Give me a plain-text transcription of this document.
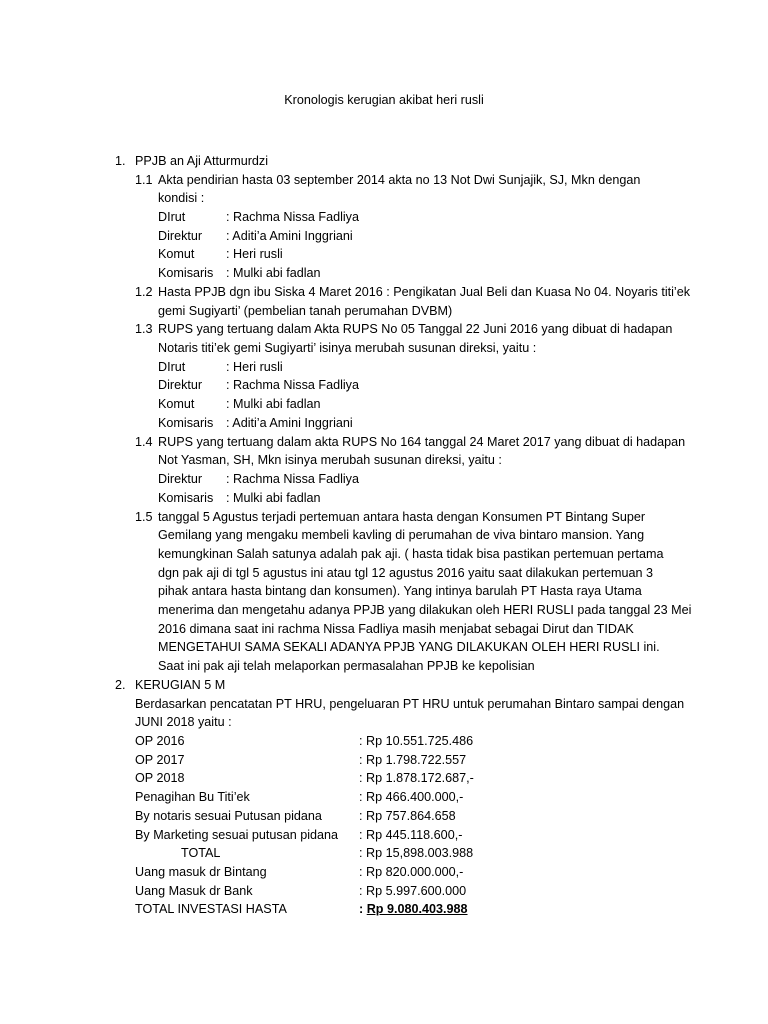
Kronologis kerugian akibat heri rusli
1. PPJB an Aji Atturmurdzi
1.1 Akta pendirian hasta 03 september 2014 akta no 13 Not Dwi Sunjajik, SJ, Mkn dengan
kondisi :
DIrut	: Rachma Nissa Fadliya
Direktur : Aditi’a Amini Inggriani
Komut	: Heri rusli
Komisaris : Mulki abi fadlan
1.2 Hasta PPJB dgn ibu Siska 4 Maret 2016 : Pengikatan Jual Beli dan Kuasa No 04. Noyaris titi’ek
gemi Sugiyarti’ (pembelian tanah perumahan DVBM)
1.3 RUPS yang tertuang dalam Akta RUPS No 05 Tanggal 22 Juni 2016 yang dibuat di hadapan
Notaris titi’ek gemi Sugiyarti’ isinya merubah susunan direksi, yaitu :
DIrut	: Heri rusli
Direktur : Rachma Nissa Fadliya
Komut	: Mulki abi fadlan
Komisaris : Aditi’a Amini Inggriani
1.4 RUPS yang tertuang dalam akta RUPS No 164 tanggal 24 Maret 2017 yang dibuat di hadapan
Not Yasman, SH, Mkn isinya merubah susunan direksi, yaitu :
Direktur : Rachma Nissa Fadliya
Komisaris : Mulki abi fadlan
1.5 tanggal 5 Agustus terjadi pertemuan antara hasta dengan Konsumen PT Bintang Super
Gemilang yang mengaku membeli kavling di perumahan de viva bintaro mansion. Yang
kemungkinan Salah satunya adalah pak aji. ( hasta tidak bisa pastikan pertemuan pertama
dgn pak aji di tgl 5 agustus ini atau tgl 12 agustus 2016 yaitu saat dilakukan pertemuan 3
pihak antara hasta bintang dan konsumen). Yang intinya barulah PT Hasta raya Utama
menerima dan mengetahu adanya PPJB yang dilakukan oleh HERI RUSLI pada tanggal 23 Mei
2016 dimana saat ini rachma Nissa Fadliya masih menjabat sebagai Dirut dan TIDAK
MENGETAHUI SAMA SEKALI ADANYA PPJB YANG DILAKUKAN OLEH HERI RUSLI ini.
Saat ini pak aji telah melaporkan permasalahan PPJB ke kepolisian
2. KERUGIAN 5 M
Berdasarkan pencatatan PT HRU, pengeluaran PT HRU untuk perumahan Bintaro sampai dengan
JUNI 2018 yaitu :
OP 2016	: Rp 10.551.725.486
OP 2017	: Rp 1.798.722.557
OP 2018	: Rp 1.878.172.687,-
Penagihan Bu Titi’ek	: Rp 466.400.000,-
By notaris sesuai Putusan pidana	: Rp 757.864.658
By Marketing sesuai putusan pidana : Rp 445.118.600,-
TOTAL	: Rp 15,898.003.988
Uang masuk dr Bintang	: Rp 820.000.000,-
Uang Masuk dr Bank	: Rp 5.997.600.000
TOTAL INVESTASI HASTA	: Rp 9.080.403.988
